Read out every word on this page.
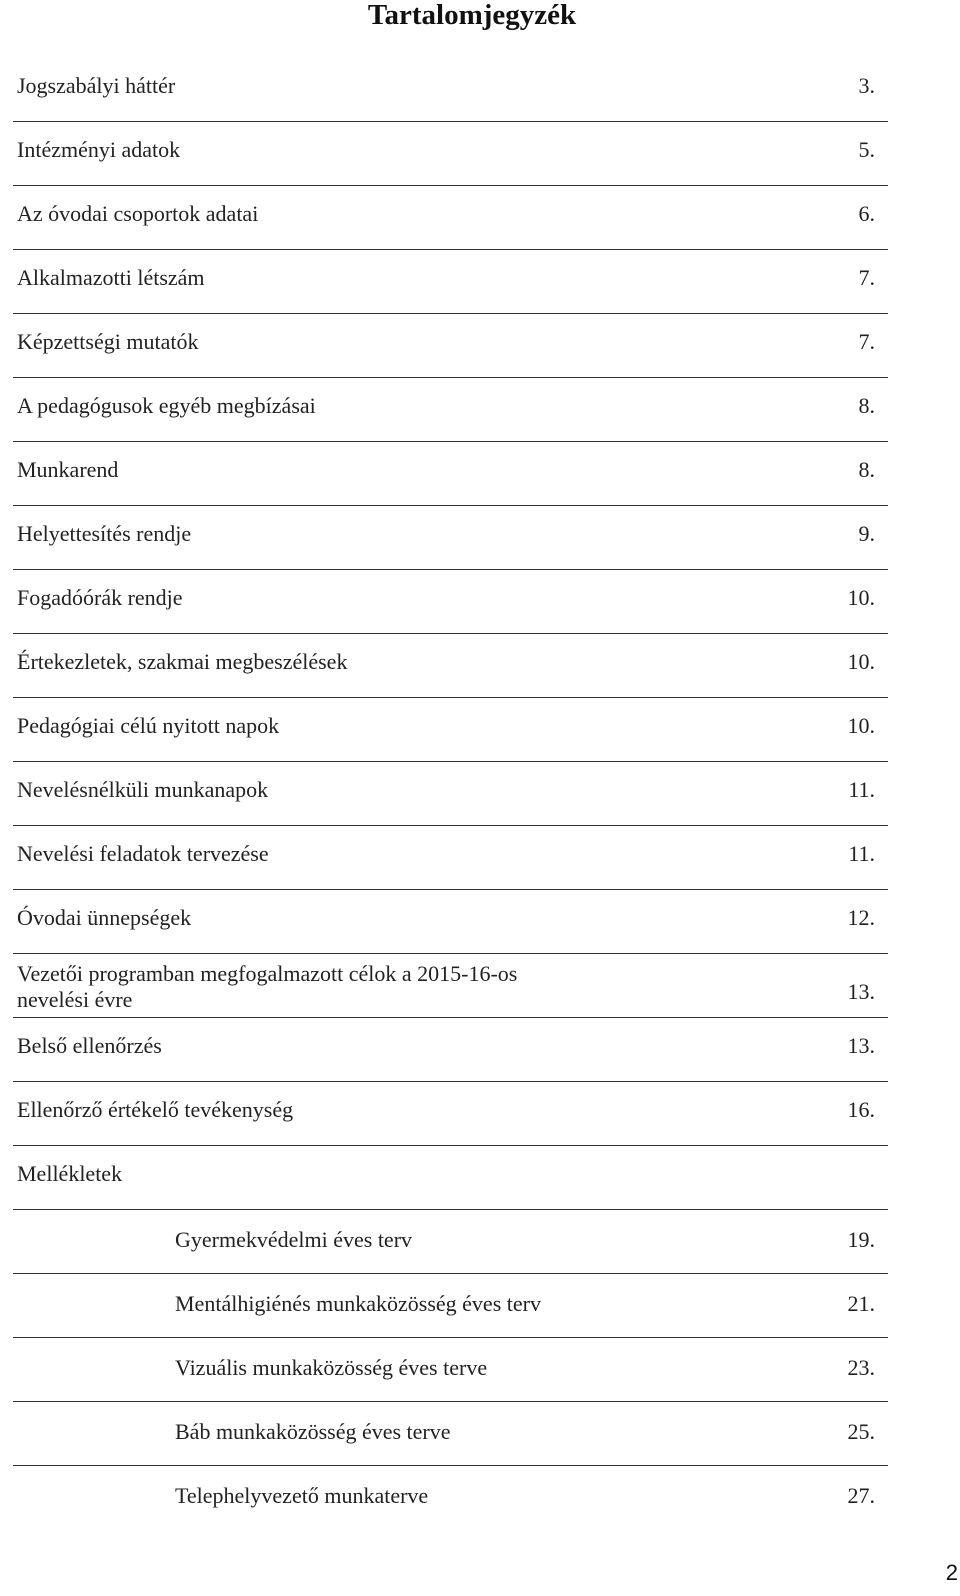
Tartalomjegyzék
Jogszabályi háttér	3.
Intézményi adatok	5.
Az óvodai csoportok adatai	6.
Alkalmazotti létszám	7.
Képzettségi mutatók	7.
A pedagógusok egyéb megbízásai	8.
Munkarend	8.
Helyettesítés rendje	9.
Fogadóórák rendje	10.
Értekezletek, szakmai megbeszélések	10.
Pedagógiai célú nyitott napok	10.
Nevelésnélküli munkanapok	11.
Nevelési feladatok tervezése	11.
Óvodai ünnepségek	12.
Vezetői programban megfogalmazott célok a 2015-16-os
nevelési évre	13.
Belső ellenőrzés	13.
Ellenőrző értékelő tevékenység	16.
Mellékletek
Gyermekvédelmi éves terv	19.
Mentálhigiénés munkaközösség éves terv	21.
Vizuális munkaközösség éves terve	23.
Báb munkaközösség éves terve	25.
Telephelyvezető munkaterve	27.
2
